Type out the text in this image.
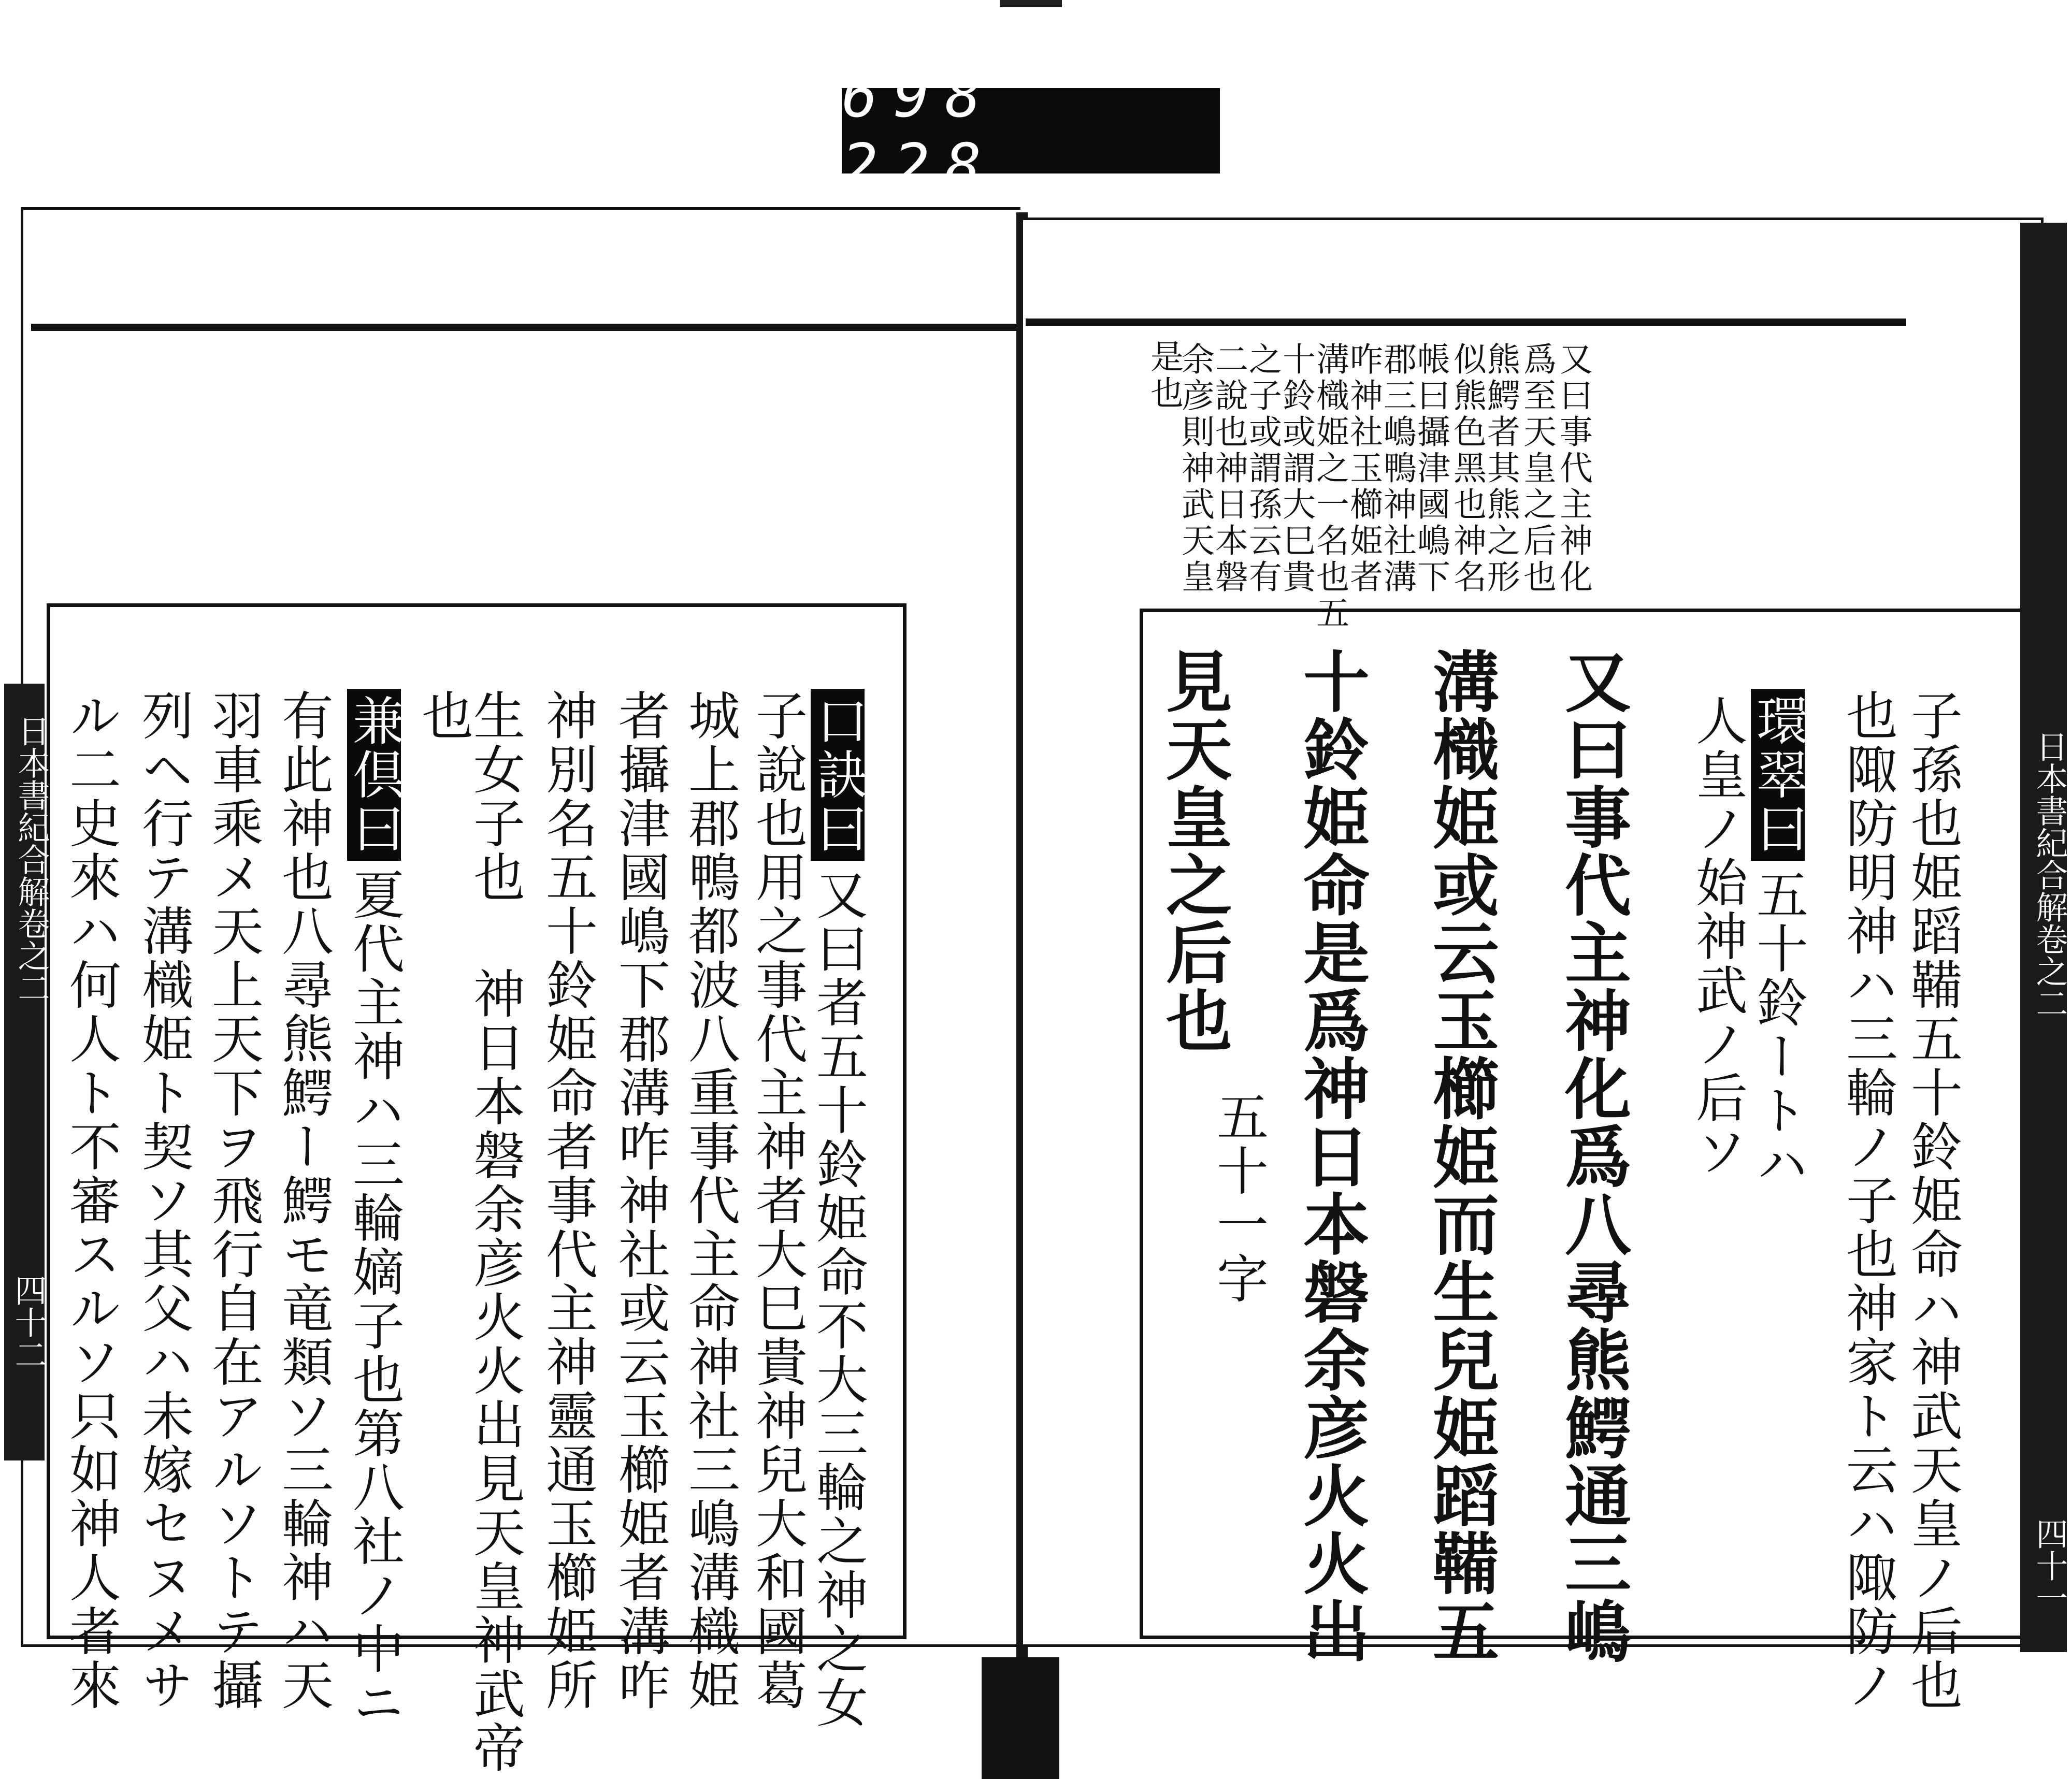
698 228.
日本書紀合解卷之二
四十二 ル二史來ハ何人ト不審スルソ只如神人者來 列ヘ行テ溝樴姫ト契ソ其父ハ未嫁セヌメサ 羽車乘メ天上天下ヲ飛行自在アルソトテ攝 有此神也八尋熊鰐ー鰐モ竜類ソ三輪神ハ天 兼倶曰夏代主神ハ三輪嫡子也第八社ノ中ニ
也
生女子也 神日本磐余彦火火出見天皇神武帝 神別名五十鈴姫命者事代主神靈通玉櫛姫所 者攝津國嶋下郡溝咋神社或云玉櫛姫者溝咋 城上郡鴨都波八重事代主命神社三嶋溝樴姫 子說也用之事代主神者大巳貴神兒大和國葛 口訣曰又曰者五十鈴姫命不大三輪之神之女	日本書紀合解卷之二
四十一
是也
余彦則神武天皇
二說也神日本磐
之子或謂孫云有
十鈴或謂大巳貴
溝樴姫之一名也五
咋神社玉櫛姫者
郡三嶋鴨神社溝
帳曰攝津國嶋下
似熊色黑也神名
熊鰐者其熊之形
爲至天皇之后也
又曰事代主神化
子孫也姫蹈鞴五十鈴姫命ハ神武天皇ノ后也
也陬防明神ハ三輪ノ子也神家ト云ハ陬防ノ
五十一字
見天皇之后也 十鈴姫命是爲神日本磐余彦火火出 溝樴姫或云玉櫛姫而生兒姫蹈鞴五 又曰事代主神化爲八尋熊鰐通三嶋 人皇ノ始神武ノ后ソ 環翠曰五十鈴ートハ
